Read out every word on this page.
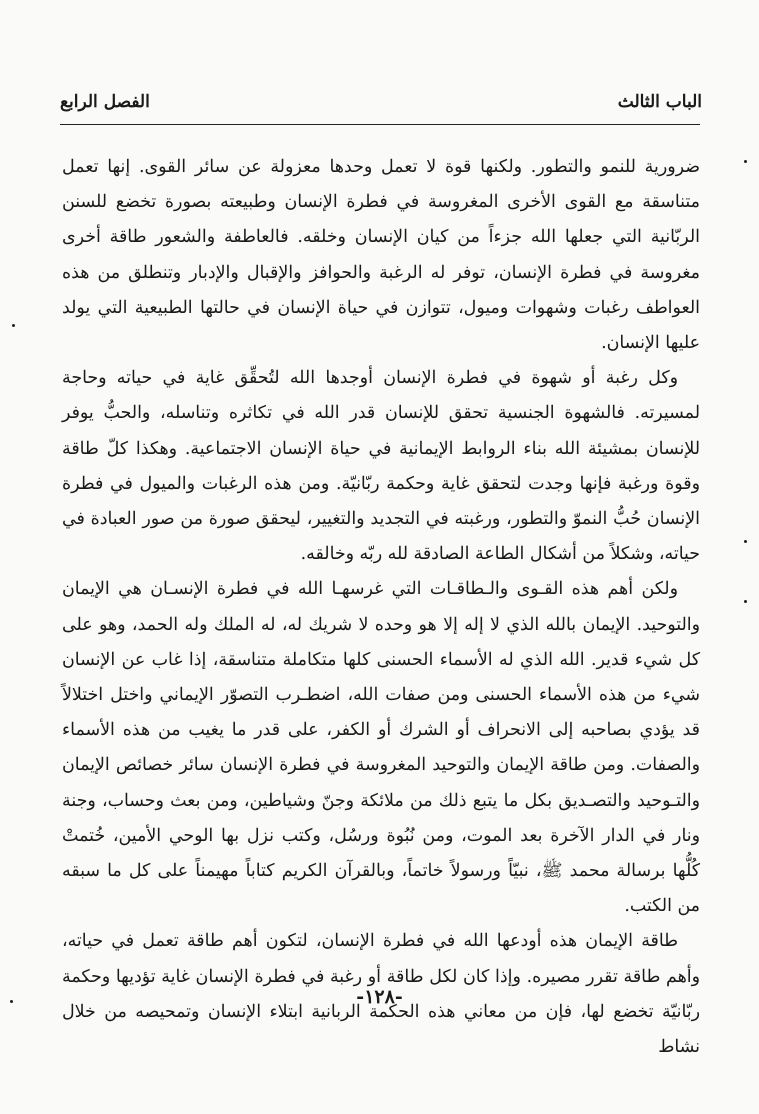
الباب الثالث
الفصل الرابع

ضرورية للنمو والتطور. ولكنها قوة لا تعمل وحدها معزولة عن سائر القوى. إنها تعمل متناسقة مع القوى الأخرى المغروسة في فطرة الإنسان وطبيعته بصورة تخضع للسنن الربّانية التي جعلها الله جزءاً من كيان الإنسان وخلقه. فالعاطفة والشعور طاقة أخرى مغروسة في فطرة الإنسان، توفر له الرغبة والحوافز والإقبال والإدبار وتنطلق من هذه العواطف رغبات وشهوات وميول، تتوازن في حياة الإنسان في حالتها الطبيعية التي يولد عليها الإنسان.

وكل رغبة أو شهوة في فطرة الإنسان أوجدها الله لتُحقِّق غاية في حياته وحاجة لمسيرته. فالشهوة الجنسية تحقق للإنسان قدر الله في تكاثره وتناسله، والحبُّ يوفر للإنسان بمشيئة الله بناء الروابط الإيمانية في حياة الإنسان الاجتماعية. وهكذا كلّ طاقة وقوة ورغبة فإنها وجدت لتحقق غاية وحكمة ربّانيّة. ومن هذه الرغبات والميول في فطرة الإنسان حُبُّ النموّ والتطور، ورغبته في التجديد والتغيير، ليحقق صورة من صور العبادة في حياته، وشكلاً من أشكال الطاعة الصادقة لله ربّه وخالقه.

ولكن أهم هذه القـوى والـطاقـات التي غرسهـا الله في فطرة الإنسـان هي الإيمان والتوحيد. الإيمان بالله الذي لا إله إلا هو وحده لا شريك له، له الملك وله الحمد، وهو على كل شيء قدير. الله الذي له الأسماء الحسنى كلها متكاملة متناسقة، إذا غاب عن الإنسان شيء من هذه الأسماء الحسنى ومن صفات الله، اضطـرب التصوّر الإيماني واختل اختلالاً قد يؤدي بصاحبه إلى الانحراف أو الشرك أو الكفر، على قدر ما يغيب من هذه الأسماء والصفات. ومن طاقة الإيمان والتوحيد المغروسة في فطرة الإنسان سائر خصائص الإيمان والتـوحيد والتصـديق بكل ما يتبع ذلك من ملائكة وجنّ وشياطين، ومن بعث وحساب، وجنة ونار في الدار الآخرة بعد الموت، ومن نُبُوة ورسُل، وكتب نزل بها الوحي الأمين، خُتمتْ كُلُّها برسالة محمد ﷺ، نبيّاً ورسولاً خاتماً، وبالقرآن الكريم كتاباً مهيمناً على كل ما سبقه من الكتب.

طاقة الإيمان هذه أودعها الله في فطرة الإنسان، لتكون أهم طاقة تعمل في حياته، وأهم طاقة تقرر مصيره. وإذا كان لكل طاقة أو رغبة في فطرة الإنسان غاية تؤديها وحكمة ربّانيّة تخضع لها، فإن من معاني هذه الحكمة الربانية ابتلاء الإنسان وتمحيصه من خلال نشاط

-١٢٨-
